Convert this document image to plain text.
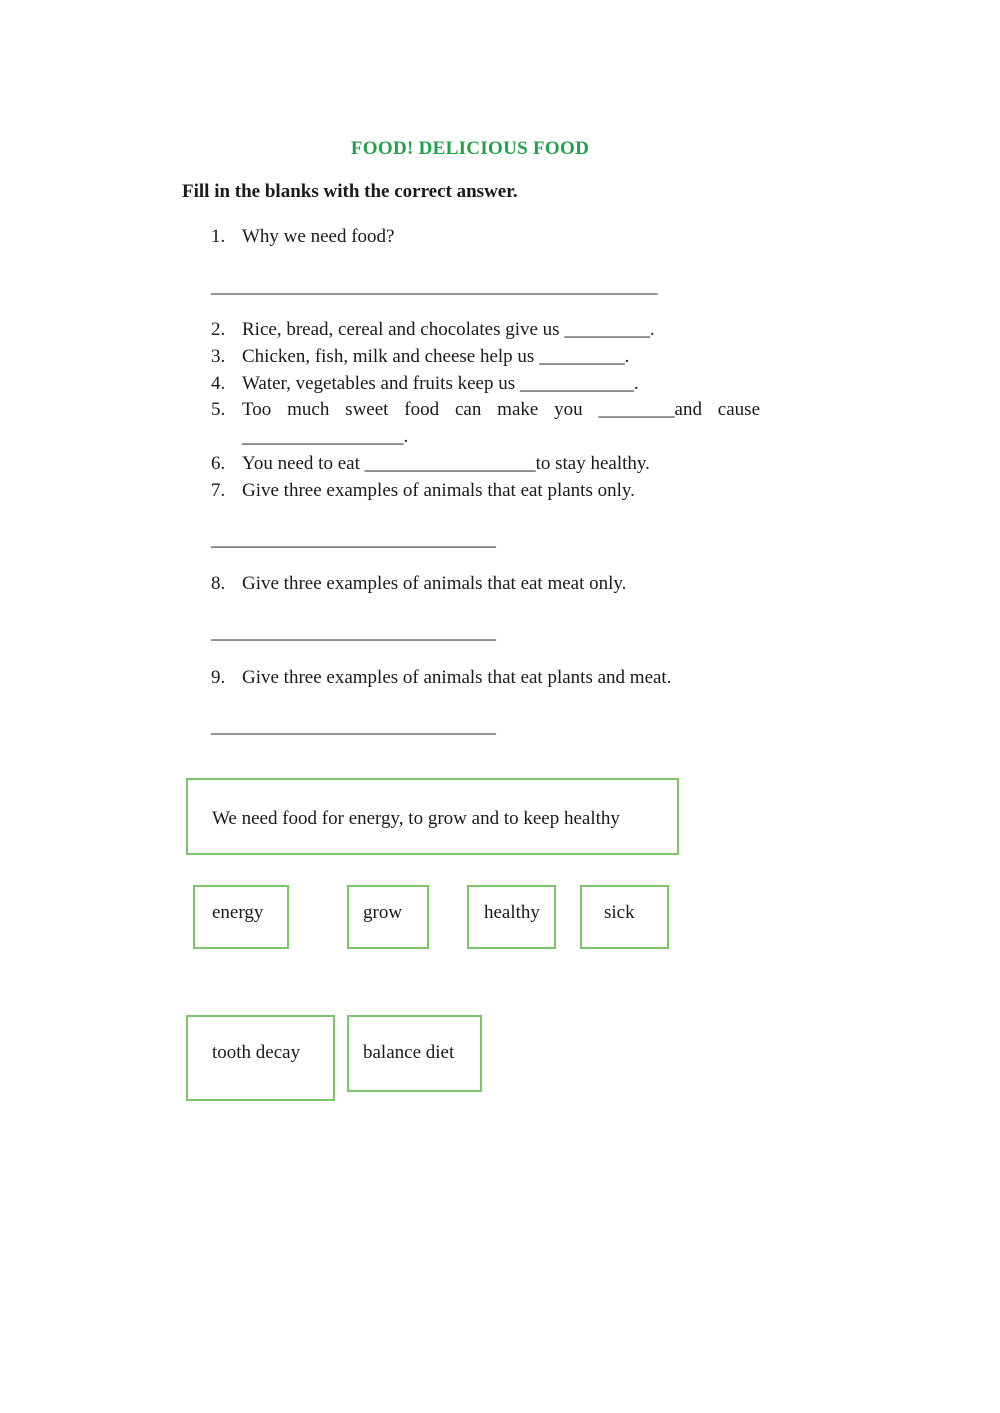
FOOD! DELICIOUS FOOD
Fill in the blanks with the correct answer.
1. Why we need food?
_______________________________________________
2. Rice, bread, cereal and chocolates give us _________.
3. Chicken, fish, milk and cheese help us _________.
4. Water, vegetables and fruits keep us ____________.
5. Too much sweet food can make you ________and cause
_________________.
6. You need to eat __________________to stay healthy.
7. Give three examples of animals that eat plants only.
______________________________
8. Give three examples of animals that eat meat only.
______________________________
9. Give three examples of animals that eat plants and meat.
______________________________
We need food for energy, to grow and to keep healthy
energy	grow	healthy	sick
tooth decay	balance diet
